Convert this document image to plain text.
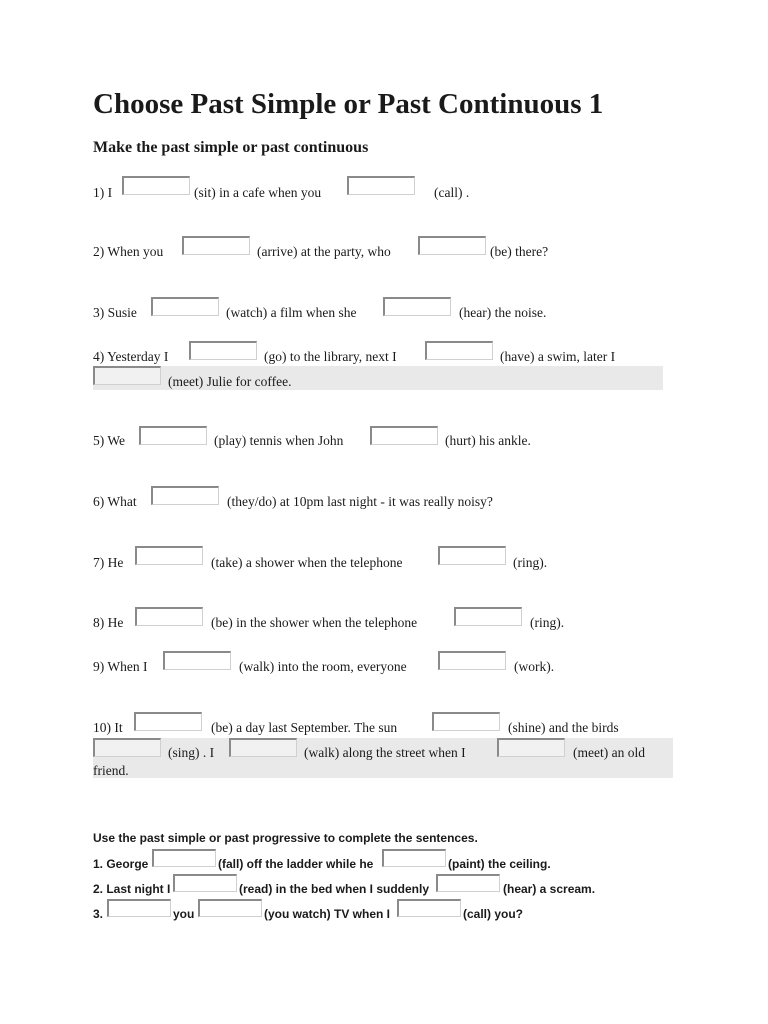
Choose Past Simple or Past Continuous 1
Make the past simple or past continuous
1) I	(sit) in a cafe when you	(call) .
2) When you	(arrive) at the party, who	(be) there?
3) Susie	(watch) a film when she	(hear) the noise.
4) Yesterday I	(go) to the library, next I	(have) a swim, later I
(meet) Julie for coffee.
5) We	(play) tennis when John	(hurt) his ankle.
6) What	(they/do) at 10pm last night - it was really noisy?
7) He	(take) a shower when the telephone	(ring).
8) He	(be) in the shower when the telephone	(ring).
9) When I	(walk) into the room, everyone	(work).
10) It	(be) a day last September. The sun	(shine) and the birds
(sing) . I	(walk) along the street when I	(meet) an old
friend.
Use the past simple or past progressive to complete the sentences.
1. George	(fall) off the ladder while he	(paint) the ceiling.
2. Last night I	(read) in the bed when I suddenly	(hear) a scream.
3.	you	(you watch) TV when I	(call) you?
